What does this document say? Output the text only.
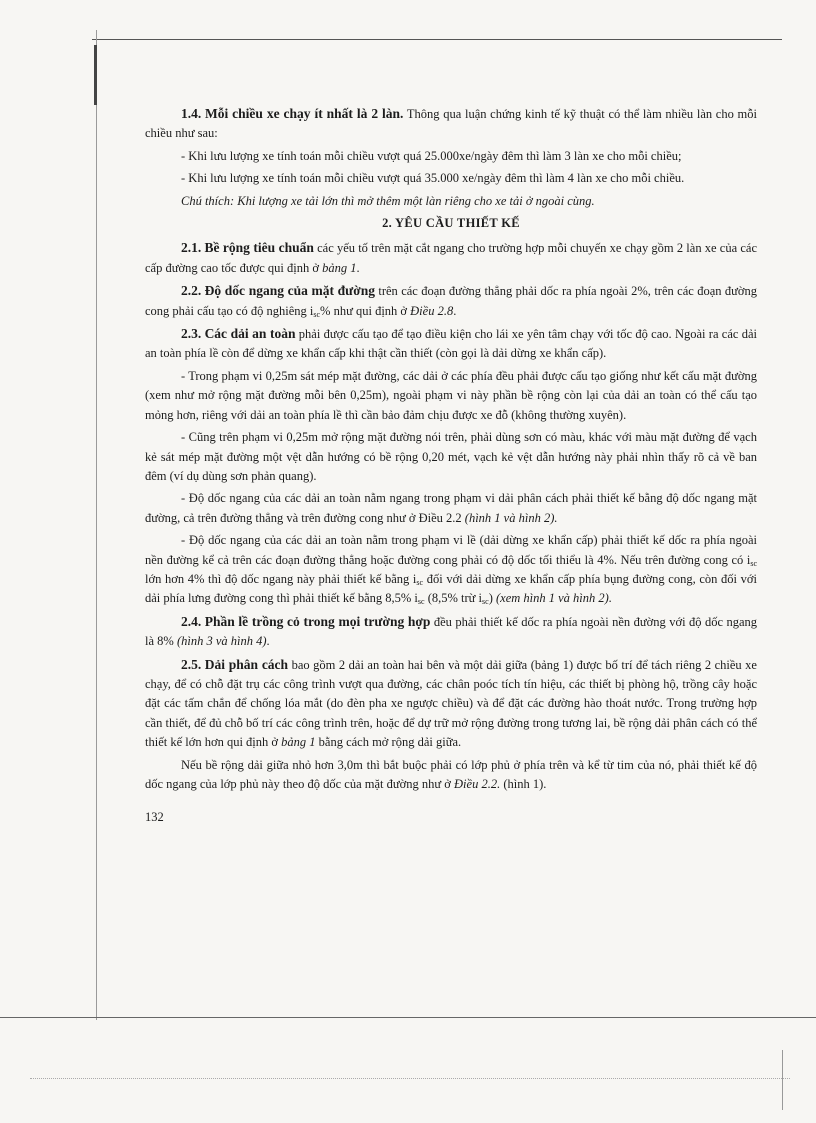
1.4. Mỗi chiều xe chạy ít nhất là 2 làn. Thông qua luận chứng kinh tế kỹ thuật có thể làm nhiều làn cho mỗi chiều như sau:

- Khi lưu lượng xe tính toán mỗi chiều vượt quá 25.000xe/ngày đêm thì làm 3 làn xe cho mỗi chiều;

- Khi lưu lượng xe tính toán mỗi chiều vượt quá 35.000 xe/ngày đêm thì làm 4 làn xe cho mỗi chiều.

Chú thích: Khi lượng xe tải lớn thì mở thêm một làn riêng cho xe tải ở ngoài cùng.

2. YÊU CẦU THIẾT KẾ

2.1. Bề rộng tiêu chuẩn các yếu tố trên mặt cắt ngang cho trường hợp mỗi chuyến xe chạy gồm 2 làn xe của các cấp đường cao tốc được qui định ở bảng 1.

2.2. Độ dốc ngang của mặt đường trên các đoạn đường thẳng phải dốc ra phía ngoài 2%, trên các đoạn đường cong phải cấu tạo có độ nghiêng $i_{sc}\%$ như qui định ở Điều 2.8.

2.3. Các dải an toàn phải được cấu tạo để tạo điều kiện cho lái xe yên tâm chạy với tốc độ cao. Ngoài ra các dải an toàn phía lề còn để dừng xe khẩn cấp khi thật cần thiết (còn gọi là dải dừng xe khẩn cấp).

- Trong phạm vi 0,25m sát mép mặt đường, các dải ở các phía đều phải được cấu tạo giống như kết cấu mặt đường (xem như mở rộng mặt đường mỗi bên 0,25m), ngoài phạm vi này phần bề rộng còn lại của dải an toàn có thể cấu tạo mỏng hơn, riêng với dải an toàn phía lề thì cần bảo đảm chịu được xe đỗ (không thường xuyên).

- Cũng trên phạm vi 0,25m mở rộng mặt đường nói trên, phải dùng sơn có màu, khác với màu mặt đường để vạch kẻ sát mép mặt đường một vệt dẫn hướng có bề rộng 0,20 mét, vạch kẻ vệt dẫn hướng này phải nhìn thấy rõ cả về ban đêm (ví dụ dùng sơn phản quang).

- Độ dốc ngang của các dải an toàn nằm ngang trong phạm vi dải phân cách phải thiết kế bằng độ dốc ngang mặt đường, cả trên đường thẳng và trên đường cong như ở Điều 2.2 (hình 1 và hình 2).

- Độ dốc ngang của các dải an toàn nằm trong phạm vi lề (dải dừng xe khẩn cấp) phải thiết kế dốc ra phía ngoài nền đường kể cả trên các đoạn đường thẳng hoặc đường cong phải có độ dốc tối thiểu là 4%. Nếu trên đường cong có $i_{sc}$ lớn hơn 4% thì độ dốc ngang này phải thiết kế bằng $i_{sc}$ đối với dải dừng xe khẩn cấp phía bụng đường cong, còn đối với dải phía lưng đường cong thì phải thiết kế bằng 8,5% $i_{sc}$ (8,5% trừ $i_{sc}$) (xem hình 1 và hình 2).

2.4. Phần lề trồng cỏ trong mọi trường hợp đều phải thiết kế dốc ra phía ngoài nền đường với độ dốc ngang là 8% (hình 3 và hình 4).

2.5. Dải phân cách bao gồm 2 dải an toàn hai bên và một dải giữa (bảng 1) được bố trí để tách riêng 2 chiều xe chạy, để có chỗ đặt trụ các công trình vượt qua đường, các chân poóc tích tín hiệu, các thiết bị phòng hộ, trồng cây hoặc đặt các tấm chắn để chống lóa mắt (do đèn pha xe ngược chiều) và để đặt các đường hào thoát nước. Trong trường hợp cần thiết, để đủ chỗ bố trí các công trình trên, hoặc để dự trữ mở rộng đường trong tương lai, bề rộng dải phân cách có thể thiết kế lớn hơn qui định ở bảng 1 bằng cách mở rộng dải giữa.

Nếu bề rộng dải giữa nhỏ hơn 3,0m thì bắt buộc phải có lớp phủ ở phía trên và kể từ tim của nó, phải thiết kế độ dốc ngang của lớp phủ này theo độ dốc của mặt đường như ở Điều 2.2. (hình 1).

132
